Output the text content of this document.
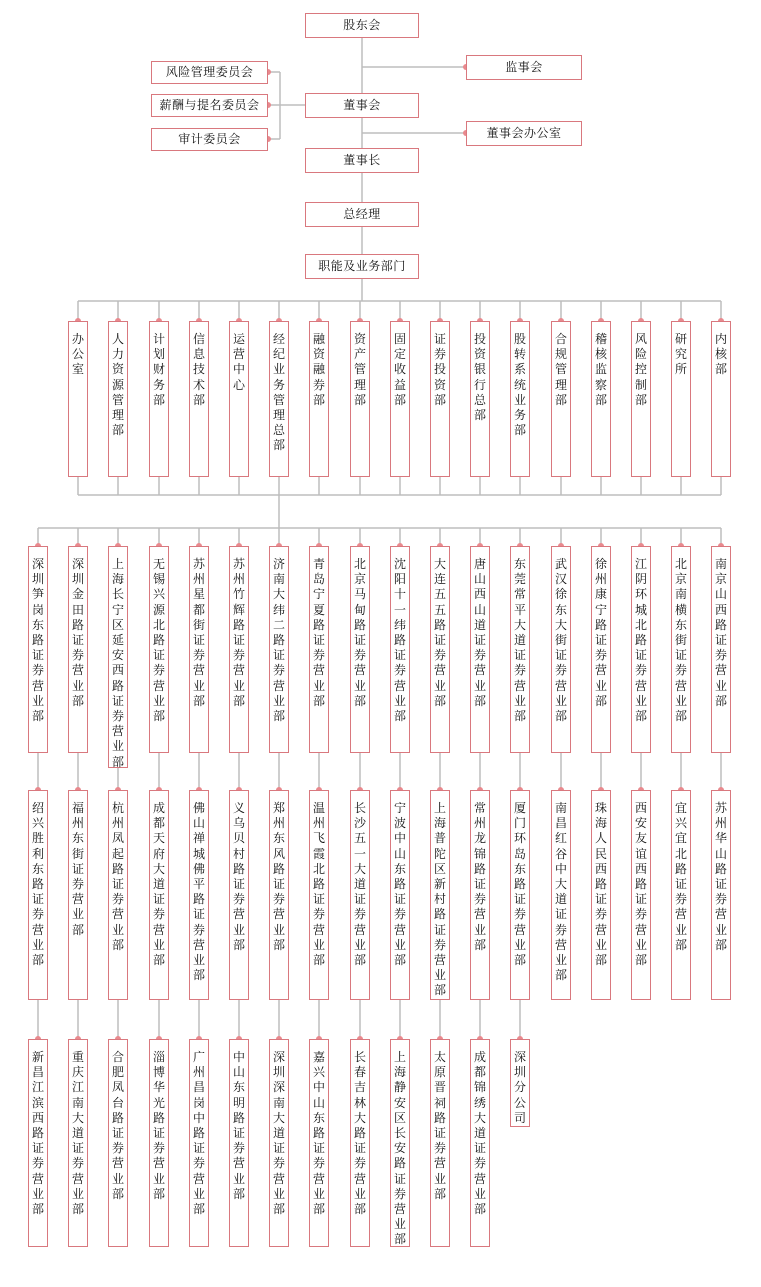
股东会
监事会
风险管理委员会
薪酬与提名委员会	董事会
审计委员会	董事会办公室
董事长
总经理
职能及业务部门
办公室
人力资源管理部
计划财务部
信息技术部
运营中心
经纪业务管理总部
融资融券部
资产管理部
固定收益部
证券投资部
投资银行总部
股转系统业务部
合规管理部
稽核监察部
风险控制部
研究所
内核部
深圳笋岗东路证券营业部
绍兴胜利东路证券营业部
新昌江滨西路证券营业部
深圳金田路证券营业部
福州东街证券营业部
重庆江南大道证券营业部
上海长宁区延安西路证券营业部
杭州凤起路证券营业部
合肥凤台路证券营业部
无锡兴源北路证券营业部
成都天府大道证券营业部
淄博华光路证券营业部
苏州星都街证券营业部
佛山禅城佛平路证券营业部
广州昌岗中路证券营业部
苏州竹辉路证券营业部
义乌贝村路证券营业部
中山东明路证券营业部
济南大纬二路证券营业部
郑州东风路证券营业部
深圳深南大道证券营业部
青岛宁夏路证券营业部
温州飞霞北路证券营业部
嘉兴中山东路证券营业部
北京马甸路证券营业部
长沙五一大道证券营业部
长春吉林大路证券营业部
沈阳十一纬路证券营业部
宁波中山东路证券营业部
上海静安区长安路证券营业部
大连五五路证券营业部
上海普陀区新村路证券营业部
太原晋祠路证券营业部
唐山西山道证券营业部
常州龙锦路证券营业部
成都锦绣大道证券营业部
东莞常平大道证券营业部
厦门环岛东路证券营业部
深圳分公司
武汉徐东大街证券营业部
南昌红谷中大道证券营业部
徐州康宁路证券营业部
珠海人民西路证券营业部
江阴环城北路证券营业部
西安友谊西路证券营业部
北京南横东街证券营业部
宜兴宜北路证券营业部
南京山西路证券营业部
苏州华山路证券营业部
